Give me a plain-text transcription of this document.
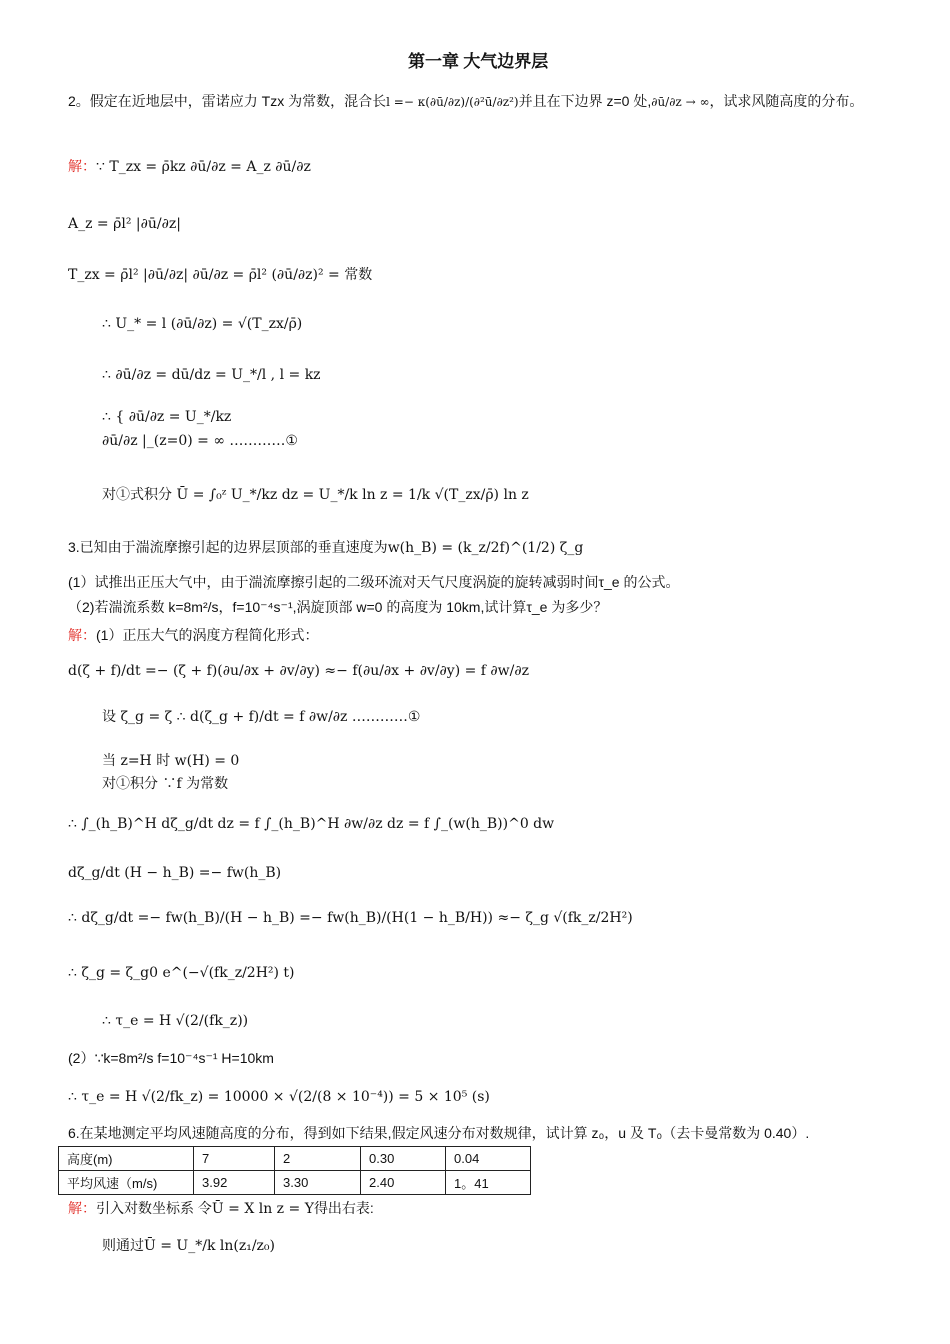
第一章 大气边界层
2。假定在近地层中，雷诺应力 Tzx 为常数，混合长l =− κ(∂ū/∂z)/(∂²ū/∂z²)并且在下边界 z=0 处,∂ū/∂z → ∞，试求风随高度的分布。
解：∵ T_zx = ρ̄kz ∂ū/∂z = A_z ∂ū/∂z
A_z = ρ̄l² |∂ū/∂z|
T_zx = ρ̄l² |∂ū/∂z| ∂ū/∂z = ρ̄l² (∂ū/∂z)² = 常数
∴ U_* = l (∂ū/∂z) = √(T_zx/ρ̄)
∴ ∂ū/∂z = dū/dz = U_*/l , l = kz
∴ { ∂ū/∂z = U_*/kz
∂ū/∂z |_(z=0) = ∞ …………①
对①式积分 Ū = ∫₀ᶻ U_*/kz dz = U_*/k ln z = 1/k √(T_zx/ρ̄) ln z
3.已知由于湍流摩擦引起的边界层顶部的垂直速度为w(h_B) = (k_z/2f)^(1/2) ζ_g
(1）试推出正压大气中，由于湍流摩擦引起的二级环流对天气尺度涡旋的旋转减弱时间τ_e 的公式。
（2)若湍流系数 k=8m²/s，f=10⁻⁴s⁻¹,涡旋顶部 w=0 的高度为 10km,试计算τ_e 为多少？
解：(1）正压大气的涡度方程简化形式：
d(ζ + f)/dt =− (ζ + f)(∂u/∂x + ∂v/∂y) ≈− f(∂u/∂x + ∂v/∂y) = f ∂w/∂z
设 ζ_g = ζ ∴ d(ζ_g + f)/dt = f ∂w/∂z …………①
当 z=H 时 w(H) = 0
对①积分 ∵f 为常数
∴ ∫_(h_B)^H dζ_g/dt dz = f ∫_(h_B)^H ∂w/∂z dz = f ∫_(w(h_B))^0 dw
dζ_g/dt (H − h_B) =− fw(h_B)
∴ dζ_g/dt =− fw(h_B)/(H − h_B) =− fw(h_B)/(H(1 − h_B/H)) ≈− ζ_g √(fk_z/2H²)
∴ ζ_g = ζ_g0 e^(−√(fk_z/2H²) t)
∴ τ_e = H √(2/(fk_z))
(2）∵k=8m²/s f=10⁻⁴s⁻¹ H=10km
∴ τ_e = H √(2/fk_z) = 10000 × √(2/(8 × 10⁻⁴)) = 5 × 10⁵ (s)
6.在某地测定平均风速随高度的分布，得到如下结果,假定风速分布对数规律，试计算 z₀，u 及 T₀（去卡曼常数为 0.40）.
高度(m)	7	2	0.30	0.04
平均风速（m/s)	3.92	3.30	2.40	1。41
解：引入对数坐标系 令Ū = X ln z = Y得出右表:
则通过Ū = U_*/k ln(z₁/z₀)
